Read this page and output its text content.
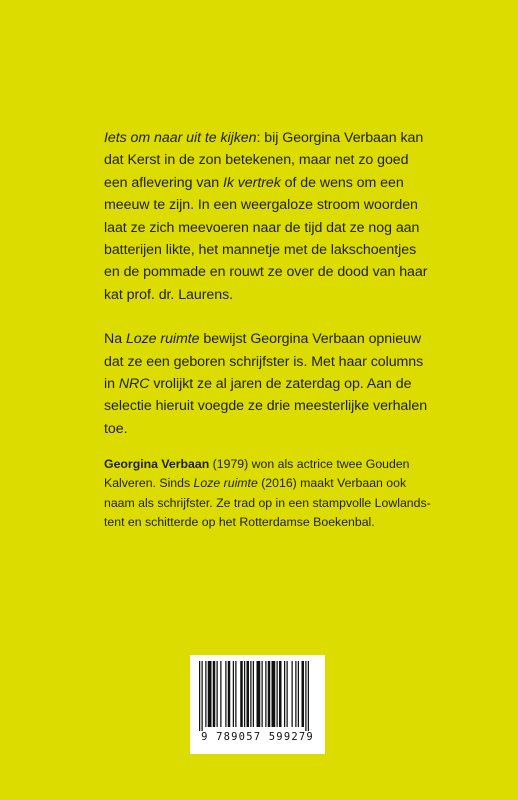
Iets om naar uit te kijken: bij Georgina Verbaan kan dat Kerst in de zon betekenen, maar net zo goed een aflevering van Ik vertrek of de wens om een meeuw te zijn. In een weergaloze stroom woorden laat ze zich meevoeren naar de tijd dat ze nog aan batterijen likte, het mannetje met de lakschoentjes en de pommade en rouwt ze over de dood van haar kat prof. dr. Laurens.

Na Loze ruimte bewijst Georgina Verbaan opnieuw dat ze een geboren schrijfster is. Met haar columns in NRC vrolijkt ze al jaren de zaterdag op. Aan de selectie hieruit voegde ze drie meesterlijke verhalen toe.

Georgina Verbaan (1979) won als actrice twee Gouden Kalveren. Sinds Loze ruimte (2016) maakt Verbaan ook naam als schrijfster. Ze trad op in een stampvolle Lowlands-tent en schitterde op het Rotterdamse Boekenbal.

9 789057 599279
